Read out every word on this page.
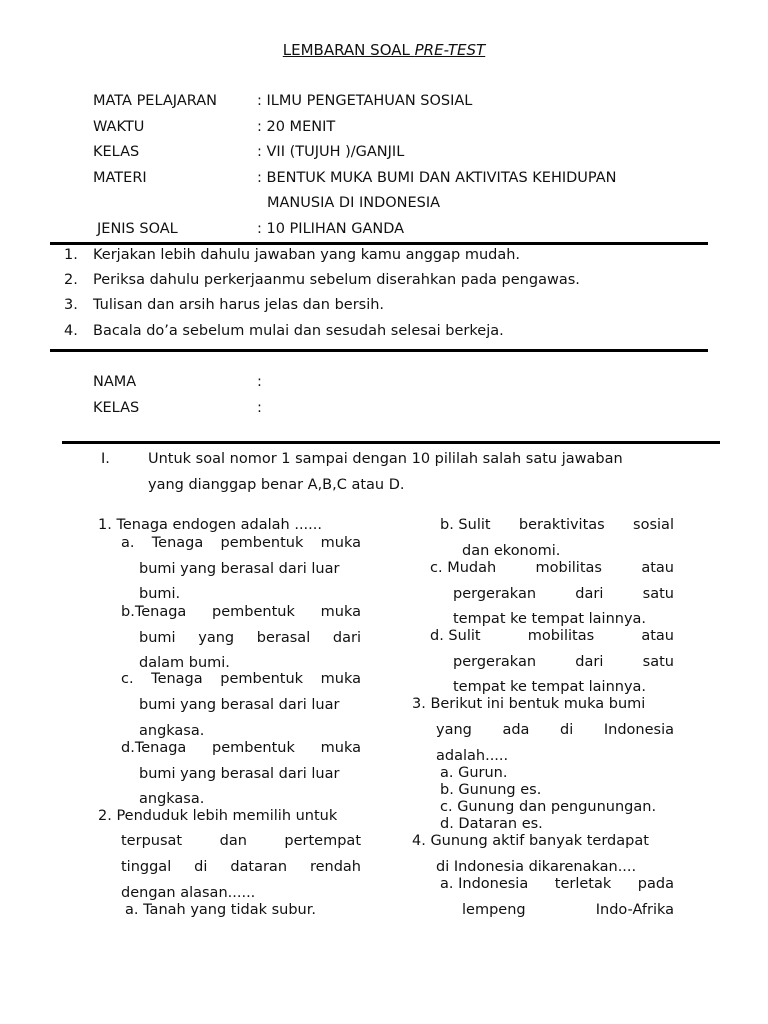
LEMBARAN SOAL PRE-TEST
MATA PELAJARAN	: ILMU PENGETAHUAN SOSIAL
WAKTU	: 20 MENIT
KELAS	: VII (TUJUH )/GANJIL
MATERI	: BENTUK MUKA BUMI DAN AKTIVITAS KEHIDUPAN
MANUSIA DI INDONESIA
JENIS SOAL	: 10 PILIHAN GANDA
1. Kerjakan lebih dahulu jawaban yang kamu anggap mudah.
2. Periksa dahulu perkerjaanmu sebelum diserahkan pada pengawas.
3. Tulisan dan arsih harus jelas dan bersih.
4. Bacala do’a sebelum mulai dan sesudah selesai berkeja.
NAMA	:
KELAS	:
I.	Untuk soal nomor 1 sampai dengan 10 pililah salah satu jawaban
yang dianggap benar A,B,C atau D.
1. Tenaga endogen adalah ......
a. Tenaga pembentuk muka
bumi yang berasal dari luar
bumi.
b.Tenaga pembentuk muka
bumi yang berasal dari
dalam bumi.
c. Tenaga pembentuk muka
bumi yang berasal dari luar
angkasa.
d.Tenaga pembentuk muka
bumi yang berasal dari luar
angkasa.
2. Penduduk lebih memilih untuk
terpusat	dan	pertempat
tinggal di dataran rendah
dengan alasan......
a. Tanah yang tidak subur.
b. Sulit beraktivitas sosial
dan ekonomi.
c. Mudah	mobilitas	atau
pergerakan	dari	satu
tempat ke tempat lainnya.
d. Sulit	mobilitas	atau
pergerakan	dari	satu
tempat ke tempat lainnya.
3. Berikut ini bentuk muka bumi
yang ada di Indonesia
adalah.....
a. Gurun.
b. Gunung es.
c. Gunung dan pengunungan.
d. Dataran es.
4. Gunung aktif banyak terdapat
di Indonesia dikarenakan....
a. Indonesia terletak pada
lempeng	Indo-Afrika
